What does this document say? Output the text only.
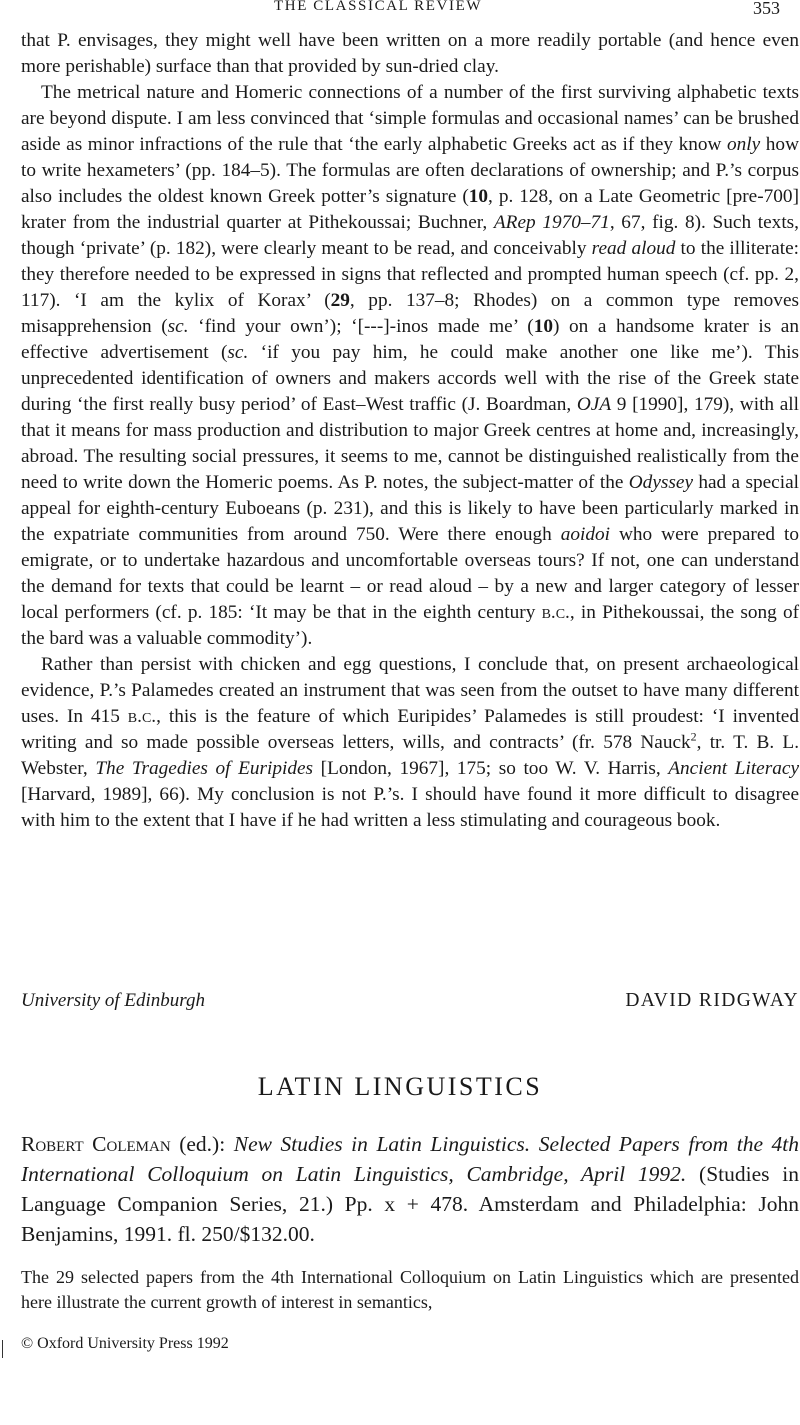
THE CLASSICAL REVIEW	353

that P. envisages, they might well have been written on a more readily portable (and hence even more perishable) surface than that provided by sun-dried clay.

The metrical nature and Homeric connections of a number of the first surviving alphabetic texts are beyond dispute. I am less convinced that ‘simple formulas and occasional names’ can be brushed aside as minor infractions of the rule that ‘the early alphabetic Greeks act as if they know only how to write hexameters’ (pp. 184–5). The formulas are often declarations of ownership; and P.’s corpus also includes the oldest known Greek potter’s signature (10, p. 128, on a Late Geometric [pre-700] krater from the industrial quarter at Pithekoussai; Buchner, ARep 1970–71, 67, fig. 8). Such texts, though ‘private’ (p. 182), were clearly meant to be read, and conceivably read aloud to the illiterate: they therefore needed to be expressed in signs that reflected and prompted human speech (cf. pp. 2, 117). ‘I am the kylix of Korax’ (29, pp. 137–8; Rhodes) on a common type removes misapprehension (sc. ‘find your own’); ‘[---]-inos made me’ (10) on a handsome krater is an effective advertisement (sc. ‘if you pay him, he could make another one like me’). This unprecedented identification of owners and makers accords well with the rise of the Greek state during ‘the first really busy period’ of East–West traffic (J. Boardman, OJA 9 [1990], 179), with all that it means for mass production and distribution to major Greek centres at home and, increasingly, abroad. The resulting social pressures, it seems to me, cannot be distinguished realistically from the need to write down the Homeric poems. As P. notes, the subject-matter of the Odyssey had a special appeal for eighth-century Euboeans (p. 231), and this is likely to have been particularly marked in the expatriate communities from around 750. Were there enough aoidoi who were prepared to emigrate, or to undertake hazardous and uncomfortable overseas tours? If not, one can understand the demand for texts that could be learnt – or read aloud – by a new and larger category of lesser local performers (cf. p. 185: ‘It may be that in the eighth century b.c., in Pithekoussai, the song of the bard was a valuable commodity’).

Rather than persist with chicken and egg questions, I conclude that, on present archaeological evidence, P.’s Palamedes created an instrument that was seen from the outset to have many different uses. In 415 b.c., this is the feature of which Euripides’ Palamedes is still proudest: ‘I invented writing and so made possible overseas letters, wills, and contracts’ (fr. 578 Nauck$^2$, tr. T. B. L. Webster, The Tragedies of Euripides [London, 1967], 175; so too W. V. Harris, Ancient Literacy [Harvard, 1989], 66). My conclusion is not P.’s. I should have found it more difficult to disagree with him to the extent that I have if he had written a less stimulating and courageous book.

University of Edinburgh	DAVID RIDGWAY
LATIN LINGUISTICS
Robert Coleman (ed.): New Studies in Latin Linguistics. Selected Papers from the 4th International Colloquium on Latin Linguistics, Cambridge, April 1992. (Studies in Language Companion Series, 21.) Pp. x + 478. Amsterdam and Philadelphia: John Benjamins, 1991. fl. 250/$132.00.
The 29 selected papers from the 4th International Colloquium on Latin Linguistics which are presented here illustrate the current growth of interest in semantics,
© Oxford University Press 1992
